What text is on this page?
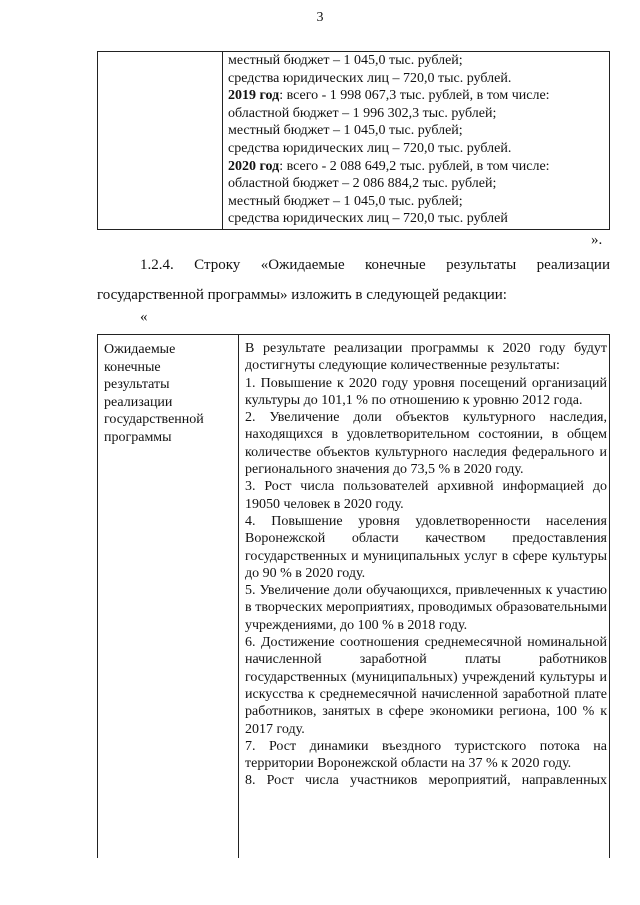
3
местный бюджет – 1 045,0 тыс. рублей;
средства юридических лиц – 720,0 тыс. рублей.
2019 год: всего - 1 998 067,3 тыс. рублей, в том числе:
областной бюджет – 1 996 302,3 тыс. рублей;
местный бюджет – 1 045,0 тыс. рублей;
средства юридических лиц – 720,0 тыс. рублей.
2020 год: всего - 2 088 649,2 тыс. рублей, в том числе:
областной бюджет – 2 086 884,2 тыс. рублей;
местный бюджет – 1 045,0 тыс. рублей;
средства юридических лиц – 720,0 тыс. рублей
».
1.2.4. Строку «Ожидаемые конечные результаты реализации
государственной программы» изложить в следующей редакции:
«
Ожидаемые
конечные
результаты
реализации
государственной
программы
В результате реализации программы к 2020 году будут достигнуты следующие количественные результаты:
1. Повышение к 2020 году уровня посещений организаций культуры до 101,1 % по отношению к уровню 2012 года.
2. Увеличение доли объектов культурного наследия, находящихся в удовлетворительном состоянии, в общем количестве объектов культурного наследия федерального и регионального значения до 73,5 % в 2020 году.
3. Рост числа пользователей архивной информацией до 19050 человек в 2020 году.
4. Повышение уровня удовлетворенности населения Воронежской области качеством предоставления государственных и муниципальных услуг в сфере культуры до 90 % в 2020 году.
5. Увеличение доли обучающихся, привлеченных к участию в творческих мероприятиях, проводимых образовательными учреждениями, до 100 % в 2018 году.
6. Достижение соотношения среднемесячной номинальной начисленной заработной платы работников государственных (муниципальных) учреждений культуры и искусства к среднемесячной начисленной заработной плате работников, занятых в сфере экономики региона, 100 % к 2017 году.
7. Рост динамики въездного туристского потока на территории Воронежской области на 37 % к 2020 году.
8. Рост числа участников мероприятий, направленных
